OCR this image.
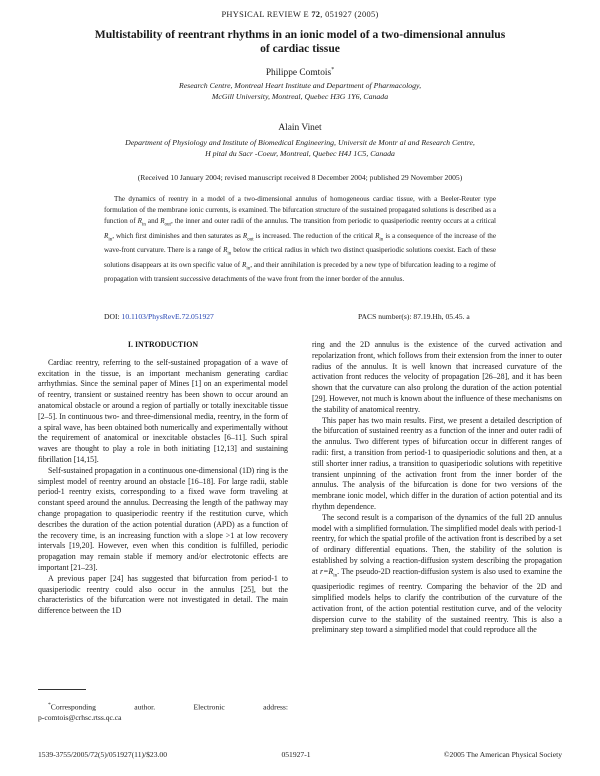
PHYSICAL REVIEW E 72, 051927 (2005)
Multistability of reentrant rhythms in an ionic model of a two-dimensional annulus
of cardiac tissue
Philippe Comtois*
Research Centre, Montreal Heart Institute and Department of Pharmacology,
McGill University, Montreal, Quebec H3G 1Y6, Canada
Alain Vinet
Department of Physiology and Institute of Biomedical Engineering, Universit de Montr al and Research Centre,
H pital du Sacr -Coeur, Montreal, Quebec H4J 1C5, Canada
(Received 10 January 2004; revised manuscript received 8 December 2004; published 29 November 2005)
The dynamics of reentry in a model of a two-dimensional annulus of homogeneous cardiac tissue, with a Beeler-Reuter type formulation of the membrane ionic currents, is examined. The bifurcation structure of the sustained propagated solutions is described as a function of $R_{in}$ and $R_{out}$, the inner and outer radii of the annulus. The transition from periodic to quasiperiodic reentry occurs at a critical $R_{in}$, which first diminishes and then saturates as $R_{out}$ is increased. The reduction of the critical $R_{in}$ is a consequence of the increase of the wave-front curvature. There is a range of $R_{in}$ below the critical radius in which two distinct quasiperiodic solutions coexist. Each of these solutions disappears at its own specific value of $R_{in}$, and their annihilation is preceded by a new type of bifurcation leading to a regime of propagation with transient successive detachments of the wave front from the inner border of the annulus.
DOI: 10.1103/PhysRevE.72.051927	PACS number(s): 87.19.Hh, 05.45. a

I. INTRODUCTION

Cardiac reentry, referring to the self-sustained propagation of a wave of excitation in the tissue, is an important mechanism generating cardiac arrhythmias. Since the seminal paper of Mines [1] on an experimental model of reentry, transient or sustained reentry has been shown to occur around an anatomical obstacle or around a region of partially or totally inexcitable tissue [2–5]. In continuous two- and three-dimensional media, reentry, in the form of a spiral wave, has been obtained both numerically and experimentally without the requirement of anatomical or inexcitable obstacles [6–11]. Such spiral waves are thought to play a role in both initiating [12,13] and sustaining fibrillation [14,15].

Self-sustained propagation in a continuous one-dimensional (1D) ring is the simplest model of reentry around an obstacle [16–18]. For large radii, stable period-1 reentry exists, corresponding to a fixed wave form traveling at constant speed around the annulus. Decreasing the length of the pathway may change propagation to quasiperiodic reentry if the restitution curve, which describes the duration of the action potential duration (APD) as a function of the recovery time, is an increasing function with a slope >1 at low recovery intervals [19,20]. However, even when this condition is fulfilled, periodic propagation may remain stable if memory and/or electrotonic effects are important [21–23].

A previous paper [24] has suggested that bifurcation from period-1 to quasiperiodic reentry could also occur in the annulus [25], but the characteristics of the bifurcation were not investigated in detail. The main difference between the 1D

ring and the 2D annulus is the existence of the curved activation and repolarization front, which follows from their extension from the inner to outer radius of the annulus. It is well known that increased curvature of the activation front reduces the velocity of propagation [26–28], and it has been shown that the curvature can also prolong the duration of the action potential [29]. However, not much is known about the influence of these mechanisms on the stability of anatomical reentry.

This paper has two main results. First, we present a detailed description of the bifurcation of sustained reentry as a function of the inner and outer radii of the annulus. Two different types of bifurcation occur in different ranges of radii: first, a transition from period-1 to quasiperiodic solutions and then, at a still shorter inner radius, a transition to quasiperiodic solutions with repetitive transient unpinning of the activation front from the inner border of the annulus. The analysis of the bifurcation is done for two versions of the membrane ionic model, which differ in the duration of action potential and its rhythm dependence.

The second result is a comparison of the dynamics of the full 2D annulus model with a simplified formulation. The simplified model deals with period-1 reentry, for which the spatial profile of the activation front is described by a set of ordinary differential equations. Then, the stability of the solution is established by solving a reaction-diffusion system describing the propagation at $r=R_{in}$. The pseudo-2D reaction-diffusion system is also used to examine the quasiperiodic regimes of reentry. Comparing the behavior of the 2D and simplified models helps to clarify the contribution of the curvature of the activation front, of the action potential restitution curve, and of the velocity dispersion curve to the stability of the sustained reentry. This is also a preliminary step toward a simplified model that could reproduce all the

*Corresponding author. Electronic address:
p-comtois@crhsc.rtss.qc.ca
1539-3755/2005/72(5)/051927(11)/$23.00	051927-1	©2005 The American Physical Society
